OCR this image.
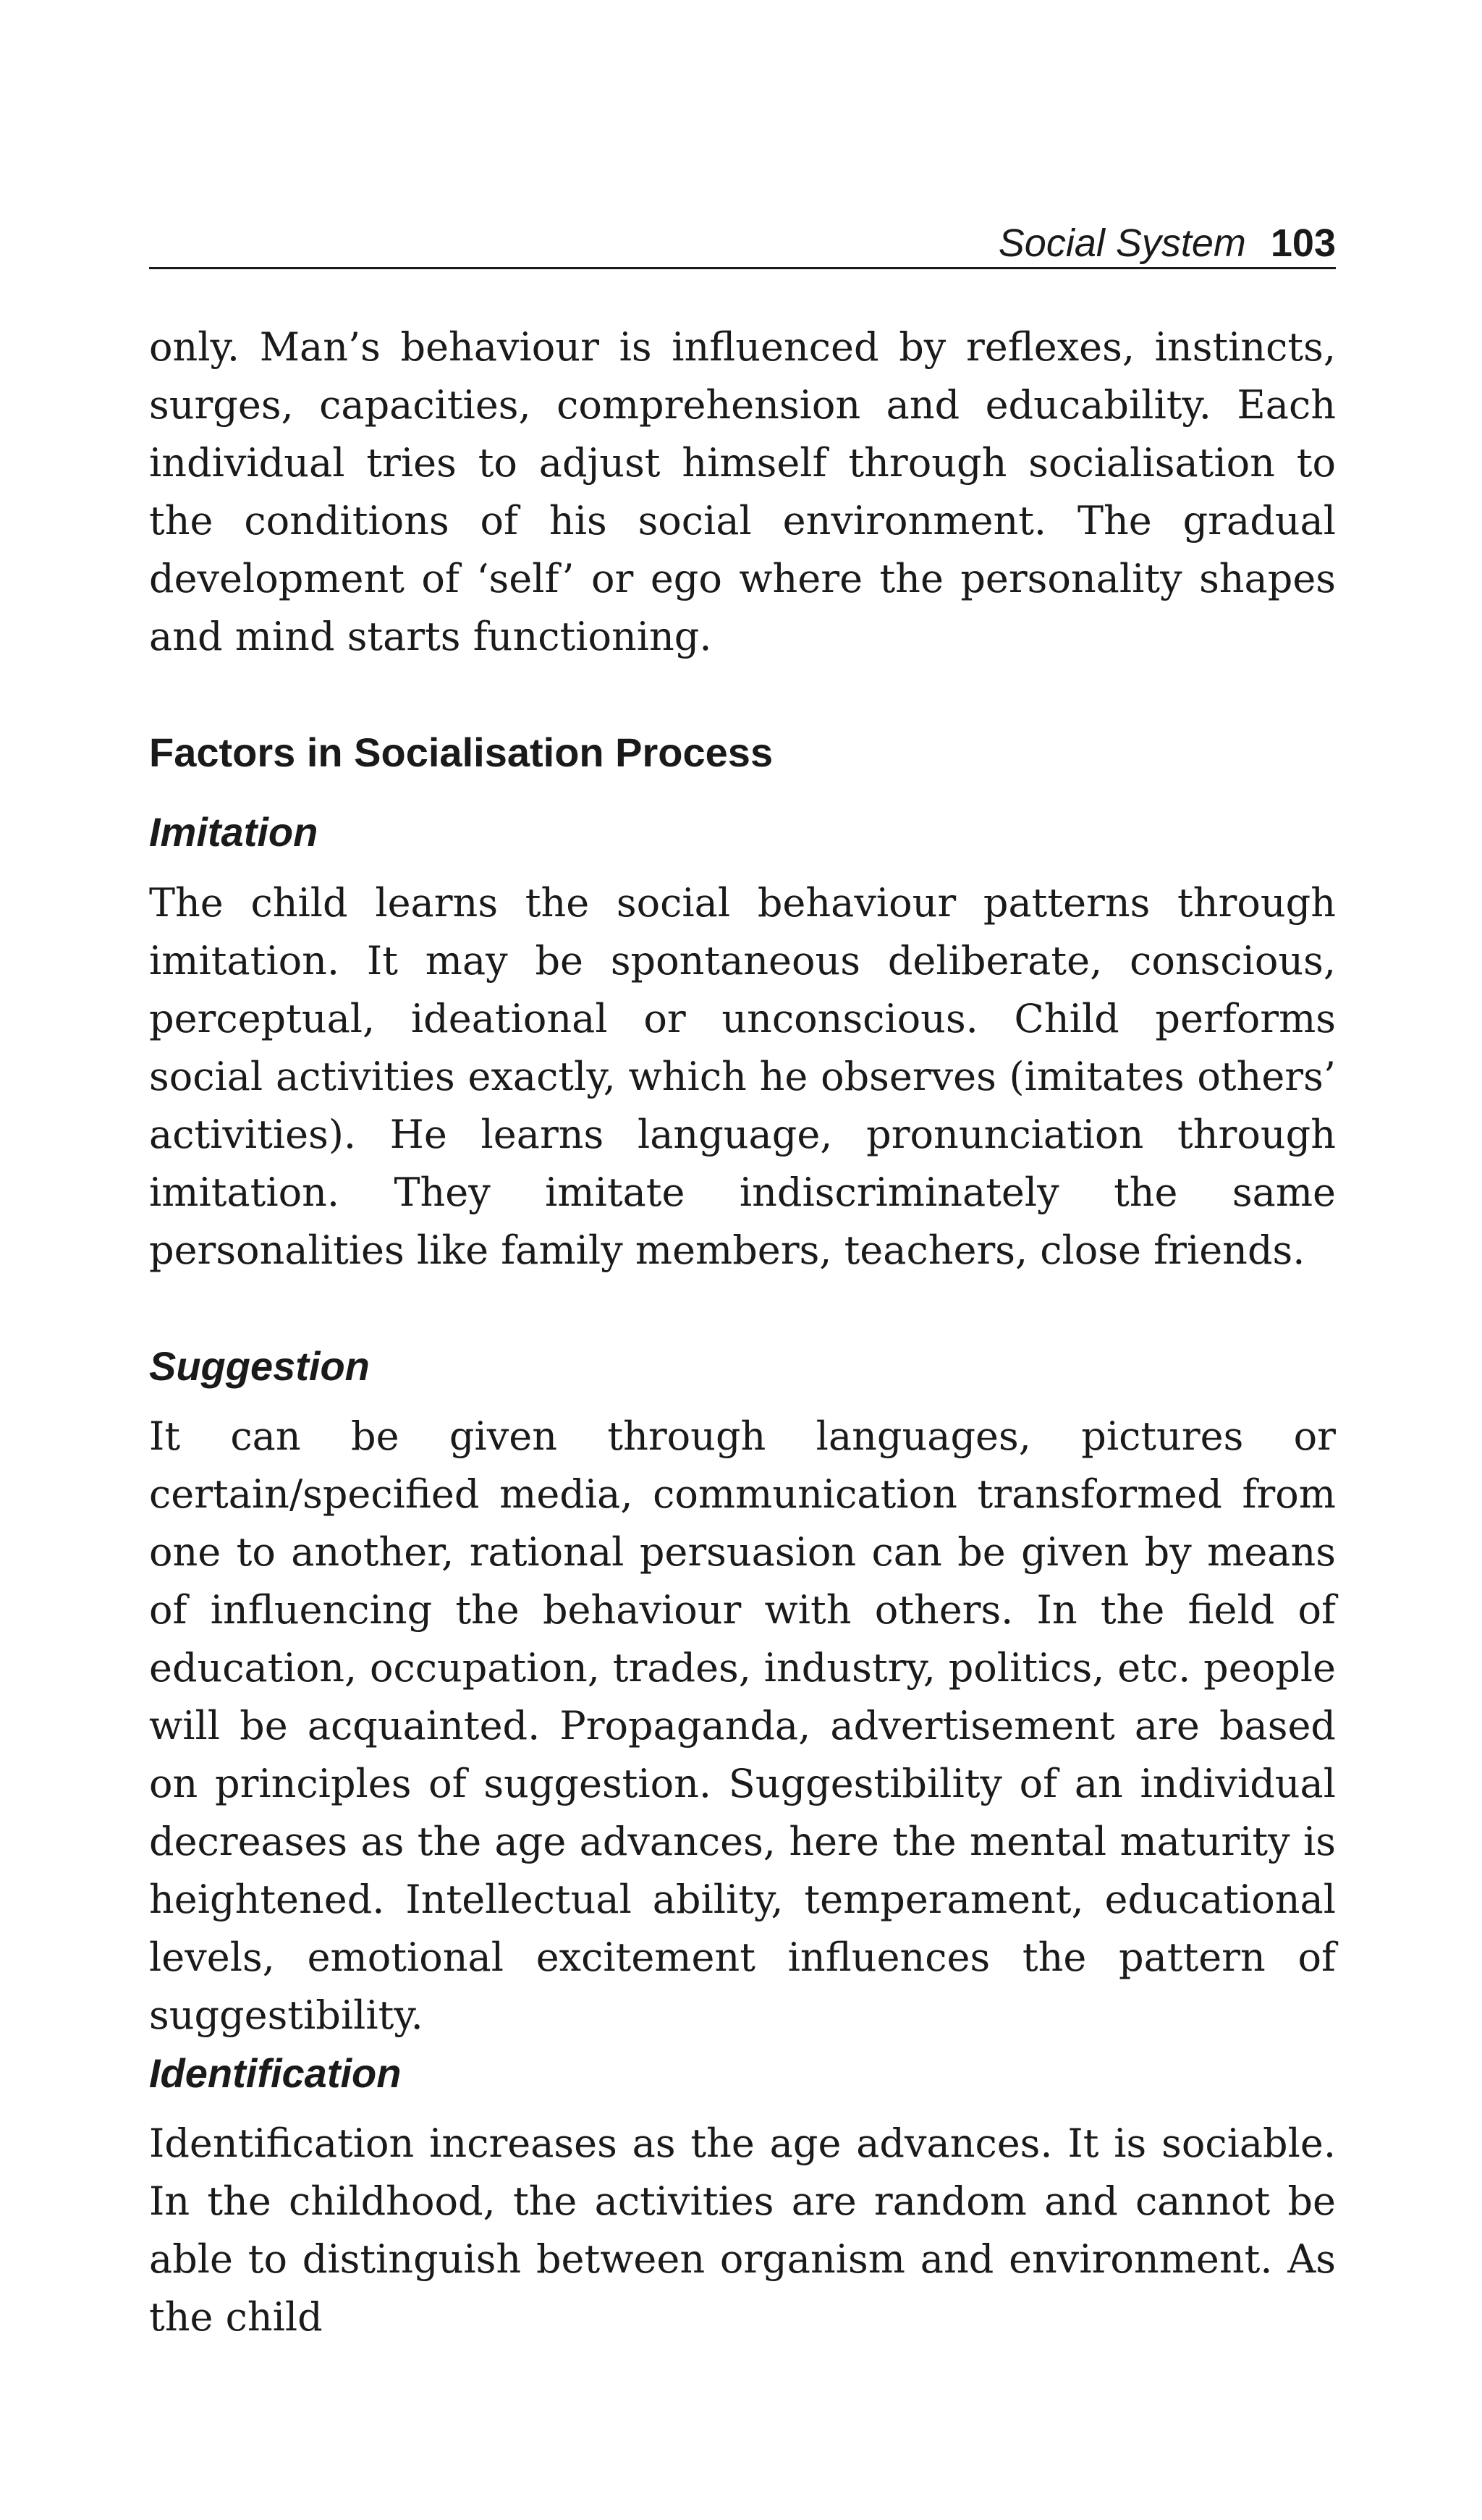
Social System 103

only. Man’s behaviour is influenced by reflexes, instincts, surges, capacities, comprehension and educability. Each individual tries to adjust himself through socialisation to the conditions of his social environment. The gradual development of ‘self’ or ego where the personality shapes and mind starts functioning.

Factors in Socialisation Process
Imitation

The child learns the social behaviour patterns through imitation. It may be spontaneous deliberate, conscious, perceptual, ideational or unconscious. Child performs social activities exactly, which he observes (imitates others’ activities). He learns language, pronunciation through imitation. They imitate indiscriminately the same personalities like family members, teachers, close friends.

Suggestion

It can be given through languages, pictures or certain/specified media, communication transformed from one to another, rational persuasion can be given by means of influencing the behaviour with others. In the field of education, occupation, trades, industry, politics, etc. people will be acquainted. Propaganda, advertisement are based on principles of suggestion. Suggestibility of an individual decreases as the age advances, here the mental maturity is heightened. Intellectual ability, temperament, educational levels, emotional excitement influences the pattern of suggestibility.

Identification

Identification increases as the age advances. It is sociable. In the childhood, the activities are random and cannot be able to distinguish between organism and environment. As the child
